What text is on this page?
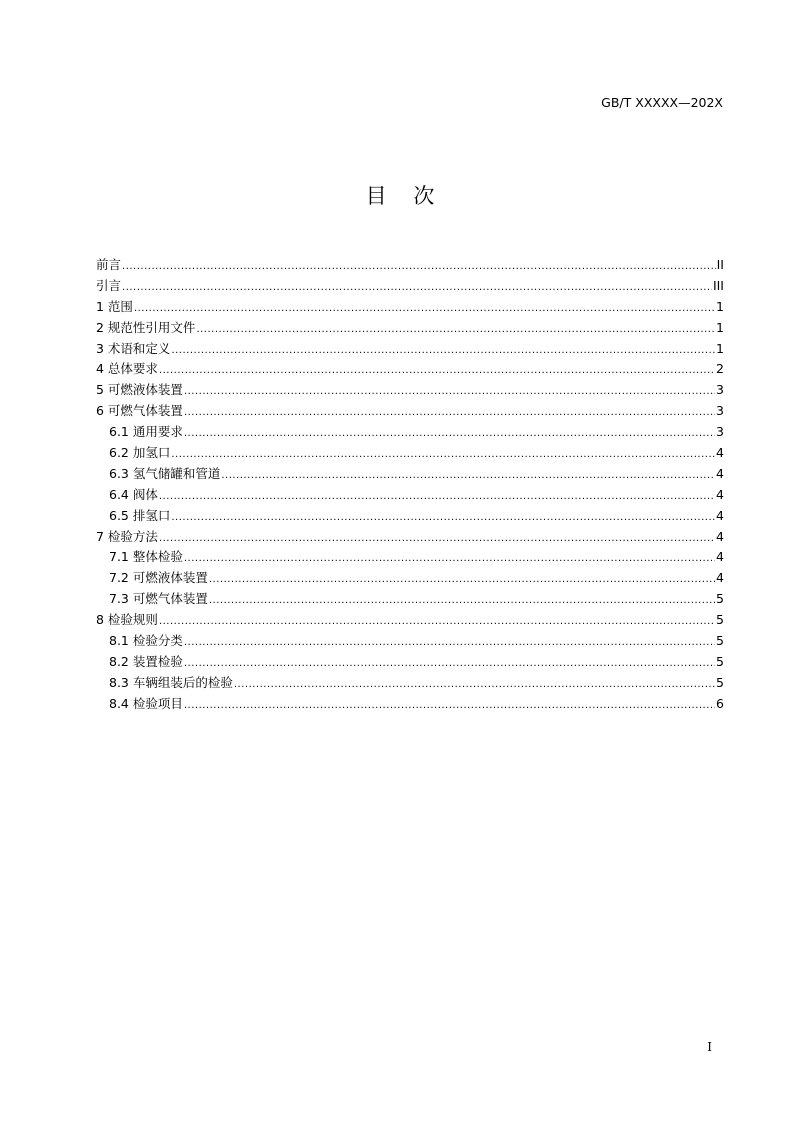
GB/T XXXXX—202X
目 次
前言 .....	II
引言 .....	III
1 范围 .....	1
2 规范性引用文件 .....	1
3 术语和定义 .....	1
4 总体要求 .....	2
5 可燃液体装置 .....	3
6 可燃气体装置 .....	3
6.1 通用要求 .....	3
6.2 加氢口 .....	4
6.3 氢气储罐和管道 .....	4
6.4 阀体 .....	4
6.5 排氢口 .....	4
7 检验方法 .....	4
7.1 整体检验 .....	4
7.2 可燃液体装置 .....	4
7.3 可燃气体装置 .....	5
8 检验规则 .....	5
8.1 检验分类 .....	5
8.2 装置检验 .....	5
8.3 车辆组装后的检验 .....	5
8.4 检验项目 .....	6
I
